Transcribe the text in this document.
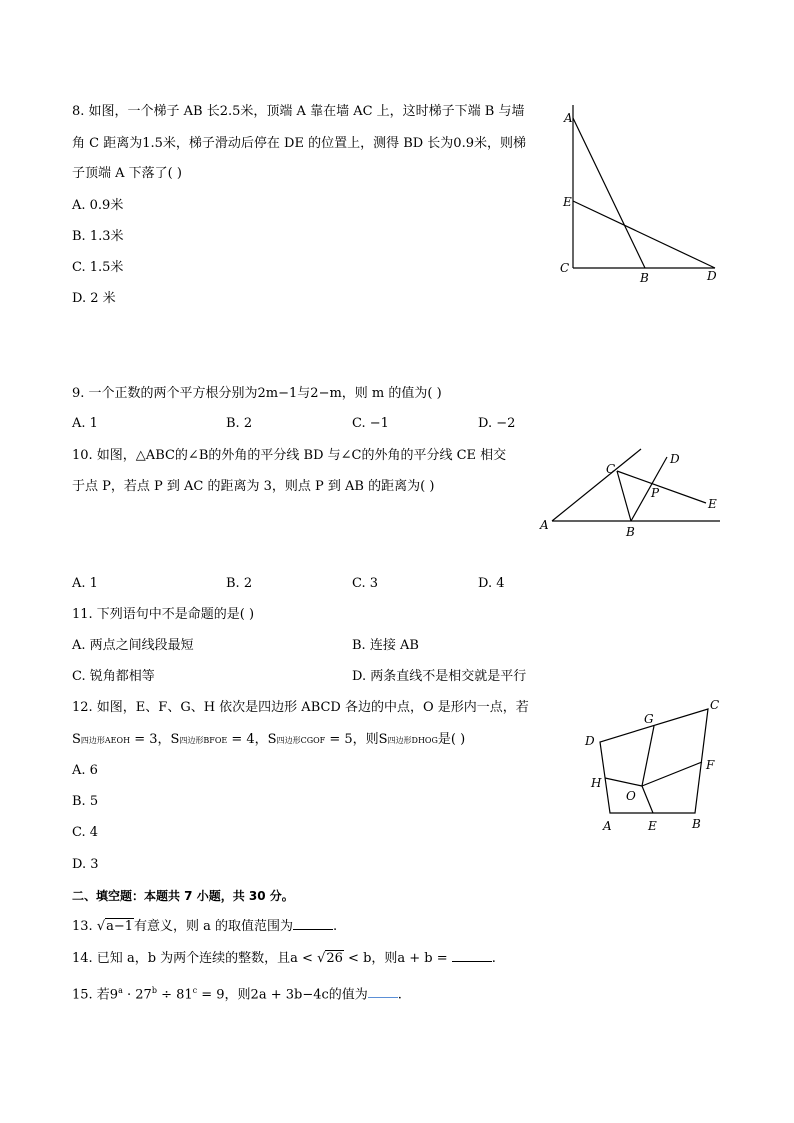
8. 如图，一个梯子 AB 长2.5米，顶端 A 靠在墙 AC 上，这时梯子下端 B 与墙
角 C 距离为1.5米，梯子滑动后停在 DE 的位置上，测得 BD 长为0.9米，则梯
子顶端 A 下落了( )
A. 0.9米
B. 1.3米
C. 1.5米
D. 2 米
A
E
C
B	D
9. 一个正数的两个平方根分别为2m−1与2−m，则 m 的值为( )
A. 1	B. 2	C. −1	D. −2
10. 如图，△ABC的∠B的外角的平分线 BD 与∠C的外角的平分线 CE 相交
于点 P，若点 P 到 AC 的距离为 3，则点 P 到 AB 的距离为( )
C
D
P
E
A	B
A. 1	B. 2	C. 3	D. 4
11. 下列语句中不是命题的是( )
A. 两点之间线段最短	B. 连接 AB
C. 锐角都相等	D. 两条直线不是相交就是平行
12. 如图，E、F、G、H 依次是四边形 ABCD 各边的中点，O 是形内一点，若
S四边形AEOH = 3，S四边形BFOE = 4，S四边形CGOF = 5，则S四边形DHOG是( )
A. 6
B. 5
C. 4
D. 3
G
C
D
F
H
O
A	E	B
二、填空题：本题共 7 小题，共 30 分。
13. √a−1有意义，则 a 的取值范围为	.
14. 已知 a，b 为两个连续的整数，且a < √26 < b，则a + b =	.
15. 若$9^a \cdot 27^b \div 81^c = 9$，则2a + 3b−4c的值为 .
